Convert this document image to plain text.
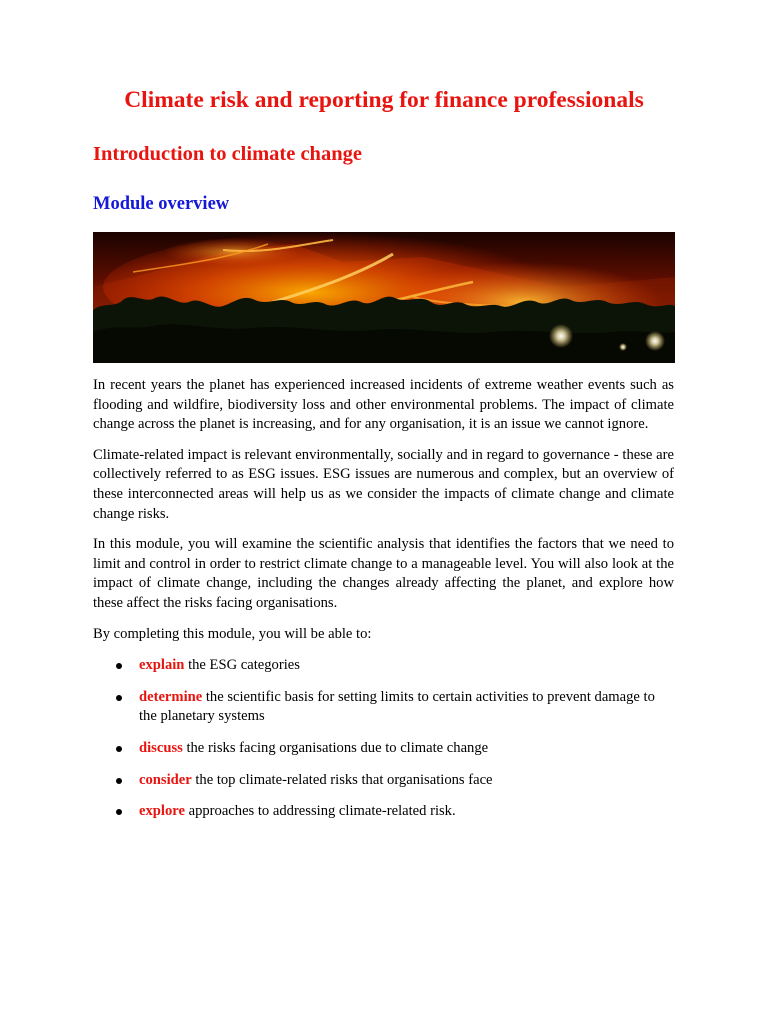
Climate risk and reporting for finance professionals
Introduction to climate change
Module overview

In recent years the planet has experienced increased incidents of extreme weather events such as flooding and wildfire, biodiversity loss and other environmental problems. The impact of climate change across the planet is increasing, and for any organisation, it is an issue we cannot ignore.

Climate-related impact is relevant environmentally, socially and in regard to governance - these are collectively referred to as ESG issues. ESG issues are numerous and complex, but an overview of these interconnected areas will help us as we consider the impacts of climate change and climate change risks.

In this module, you will examine the scientific analysis that identifies the factors that we need to limit and control in order to restrict climate change to a manageable level. You will also look at the impact of climate change, including the changes already affecting the planet, and explore how these affect the risks facing organisations.

By completing this module, you will be able to:

explain the ESG categories
determine the scientific basis for setting limits to certain activities to prevent damage to the planetary systems
discuss the risks facing organisations due to climate change
consider the top climate-related risks that organisations face
explore approaches to addressing climate-related risk.
